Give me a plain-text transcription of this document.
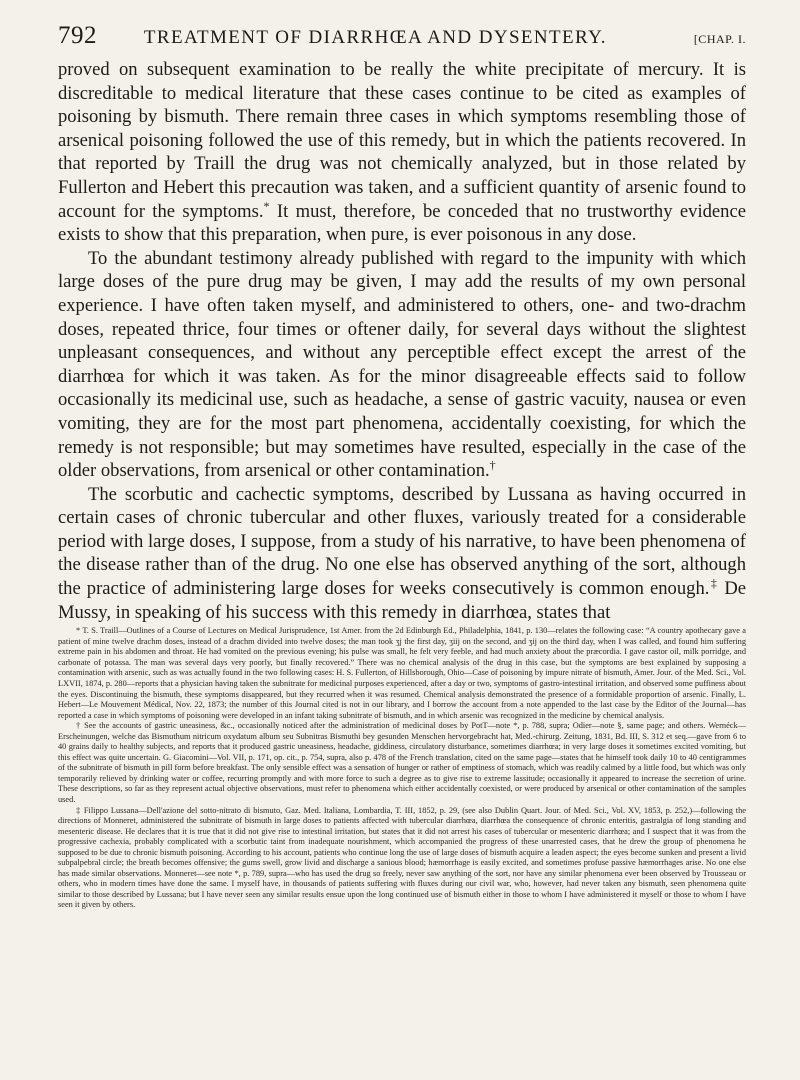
792 TREATMENT OF DIARRHŒA AND DYSENTERY.	[CHAP. I.

proved on subsequent examination to be really the white precipitate of mercury. It is discreditable to medical literature that these cases continue to be cited as examples of poisoning by bismuth. There remain three cases in which symptoms resembling those of arsenical poisoning followed the use of this remedy, but in which the patients recovered. In that reported by Traill the drug was not chemically analyzed, but in those related by Fullerton and Hebert this precaution was taken, and a sufficient quantity of arsenic found to account for the symptoms.* It must, therefore, be conceded that no trustworthy evidence exists to show that this preparation, when pure, is ever poisonous in any dose.

To the abundant testimony already published with regard to the impunity with which large doses of the pure drug may be given, I may add the results of my own personal experience. I have often taken myself, and administered to others, one- and two-drachm doses, repeated thrice, four times or oftener daily, for several days without the slightest unpleasant consequences, and without any perceptible effect except the arrest of the diarrhœa for which it was taken. As for the minor disagreeable effects said to follow occasionally its medicinal use, such as headache, a sense of gastric vacuity, nausea or even vomiting, they are for the most part phenomena, accidentally coexisting, for which the remedy is not responsible; but may sometimes have resulted, especially in the case of the older observations, from arsenical or other contamination.†

The scorbutic and cachectic symptoms, described by Lussana as having occurred in certain cases of chronic tubercular and other fluxes, variously treated for a considerable period with large doses, I suppose, from a study of his narrative, to have been phenomena of the disease rather than of the drug. No one else has observed anything of the sort, although the practice of administering large doses for weeks consecutively is common enough.‡ De Mussy, in speaking of his success with this remedy in diarrhœa, states that

* T. S. Traill—Outlines of a Course of Lectures on Medical Jurisprudence, 1st Amer. from the 2d Edinburgh Ed., Philadelphia, 1841, p. 130—relates the following case: “A country apothecary gave a patient of mine twelve drachm doses, instead of a drachm divided into twelve doses; the man took ʒj the first day, ʒiij on the second, and ʒij on the third day, when I was called, and found him suffering extreme pain in his abdomen and throat. He had vomited on the previous evening; his pulse was small, he felt very feeble, and had much anxiety about the præcordia. I gave castor oil, milk porridge, and carbonate of potassa. The man was several days very poorly, but finally recovered.” There was no chemical analysis of the drug in this case, but the symptoms are best explained by supposing a contamination with arsenic, such as was actually found in the two following cases: H. S. Fullerton, of Hillsborough, Ohio—Case of poisoning by impure nitrate of bismuth, Amer. Jour. of the Med. Sci., Vol. LXVII, 1874, p. 280—reports that a physician having taken the subnitrate for medicinal purposes experienced, after a day or two, symptoms of gastro-intestinal irritation, and observed some puffiness about the eyes. Discontinuing the bismuth, these symptoms disappeared, but they recurred when it was resumed. Chemical analysis demonstrated the presence of a formidable proportion of arsenic. Finally, L. Hebert—Le Mouvement Médical, Nov. 22, 1873; the number of this Journal cited is not in our library, and I borrow the account from a note appended to the last case by the Editor of the Journal—has reported a case in which symptoms of poisoning were developed in an infant taking subnitrate of bismuth, and in which arsenic was recognized in the medicine by chemical analysis.

† See the accounts of gastric uneasiness, &c., occasionally noticed after the administration of medicinal doses by PotT—note *, p. 788, supra; Odier—note §, same page; and others. Wernéck—Erscheinungen, welche das Bismuthum nitricum oxydatum album seu Subnitras Bismuthi bey gesunden Menschen hervorgebracht hat, Med.-chirurg. Zeitung, 1831, Bd. III, S. 312 et seq.—gave from 6 to 40 grains daily to healthy subjects, and reports that it produced gastric uneasiness, headache, giddiness, circulatory disturbance, sometimes diarrhœa; in very large doses it sometimes excited vomiting, but this effect was quite uncertain. G. Giacomini—Vol. VII, p. 171, op. cit., p. 754, supra, also p. 478 of the French translation, cited on the same page—states that he himself took daily 10 to 40 centigrammes of the subnitrate of bismuth in pill form before breakfast. The only sensible effect was a sensation of hunger or rather of emptiness of stomach, which was readily calmed by a little food, but which was only temporarily relieved by drinking water or coffee, recurring promptly and with more force to such a degree as to give rise to extreme lassitude; occasionally it appeared to increase the secretion of urine. These descriptions, so far as they represent actual objective observations, must refer to phenomena which either accidentally coexisted, or were produced by arsenical or other contamination of the samples used.

‡ Filippo Lussana—Dell'azione del sotto-nitrato di bismuto, Gaz. Med. Italiana, Lombardia, T. III, 1852, p. 29, (see also Dublin Quart. Jour. of Med. Sci., Vol. XV, 1853, p. 252,)—following the directions of Monneret, administered the subnitrate of bismuth in large doses to patients affected with tubercular diarrhœa, diarrhœa the consequence of chronic enteritis, gastralgia of long standing and mesenteric disease. He declares that it is true that it did not give rise to intestinal irritation, but states that it did not arrest his cases of tubercular or mesenteric diarrhœa; and I suspect that it was from the progressive cachexia, probably complicated with a scorbutic taint from inadequate nourishment, which accompanied the progress of these unarrested cases, that he drew the group of phenomena he supposed to be due to chronic bismuth poisoning. According to his account, patients who continue long the use of large doses of bismuth acquire a leaden aspect; the eyes become sunken and present a livid subpalpebral circle; the breath becomes offensive; the gums swell, grow livid and discharge a sanious blood; hæmorrhage is easily excited, and sometimes profuse passive hæmorrhages arise. No one else has made similar observations. Monneret—see note *, p. 789, supra—who has used the drug so freely, never saw anything of the sort, nor have any similar phenomena ever been observed by Trousseau or others, who in modern times have done the same. I myself have, in thousands of patients suffering with fluxes during our civil war, who, however, had never taken any bismuth, seen phenomena quite similar to those described by Lussana; but I have never seen any similar results ensue upon the long continued use of bismuth either in those to whom I have administered it myself or those to whom I have seen it given by others.
